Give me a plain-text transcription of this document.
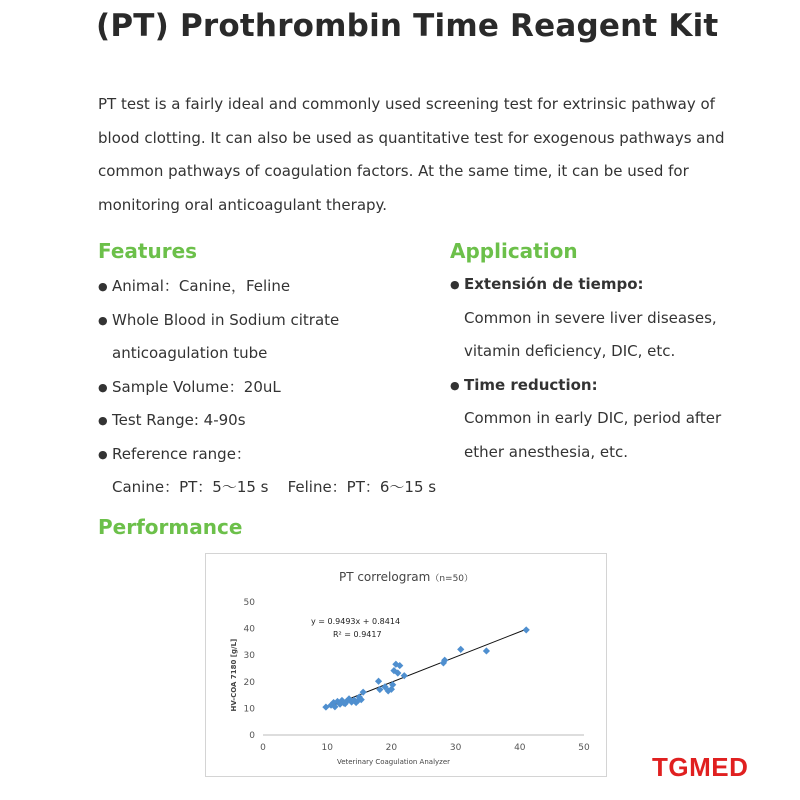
(PT) Prothrombin Time Reagent Kit

PT test is a fairly ideal and commonly used screening test for extrinsic pathway of

blood clotting. It can also be used as quantitative test for exogenous pathways and

common pathways of coagulation factors. At the same time, it can be used for

monitoring oral anticoagulant therapy.

Features
● Animal：Canine，Feline
● Whole Blood in Sodium citrate
anticoagulation tube
● Sample Volume：20uL
● Test Range: 4-90s
● Reference range：
Canine：PT：5～15 s    Feline：PT：6～15 s
Application
● Extensión de tiempo:
Common in severe liver diseases,
vitamin deficiency, DIC, etc.
● Time reduction:
Common in early DIC, period after
ether anesthesia, etc.
Performance
PT correlogram（n=50）
0	10	20	30	40	50
0
10
20
30
40
50
Veterinary Coagulation Analyzer
HV-COA 7180 [g/L]
y = 0.9493x + 0.8414
R² = 0.9417
TGMED
